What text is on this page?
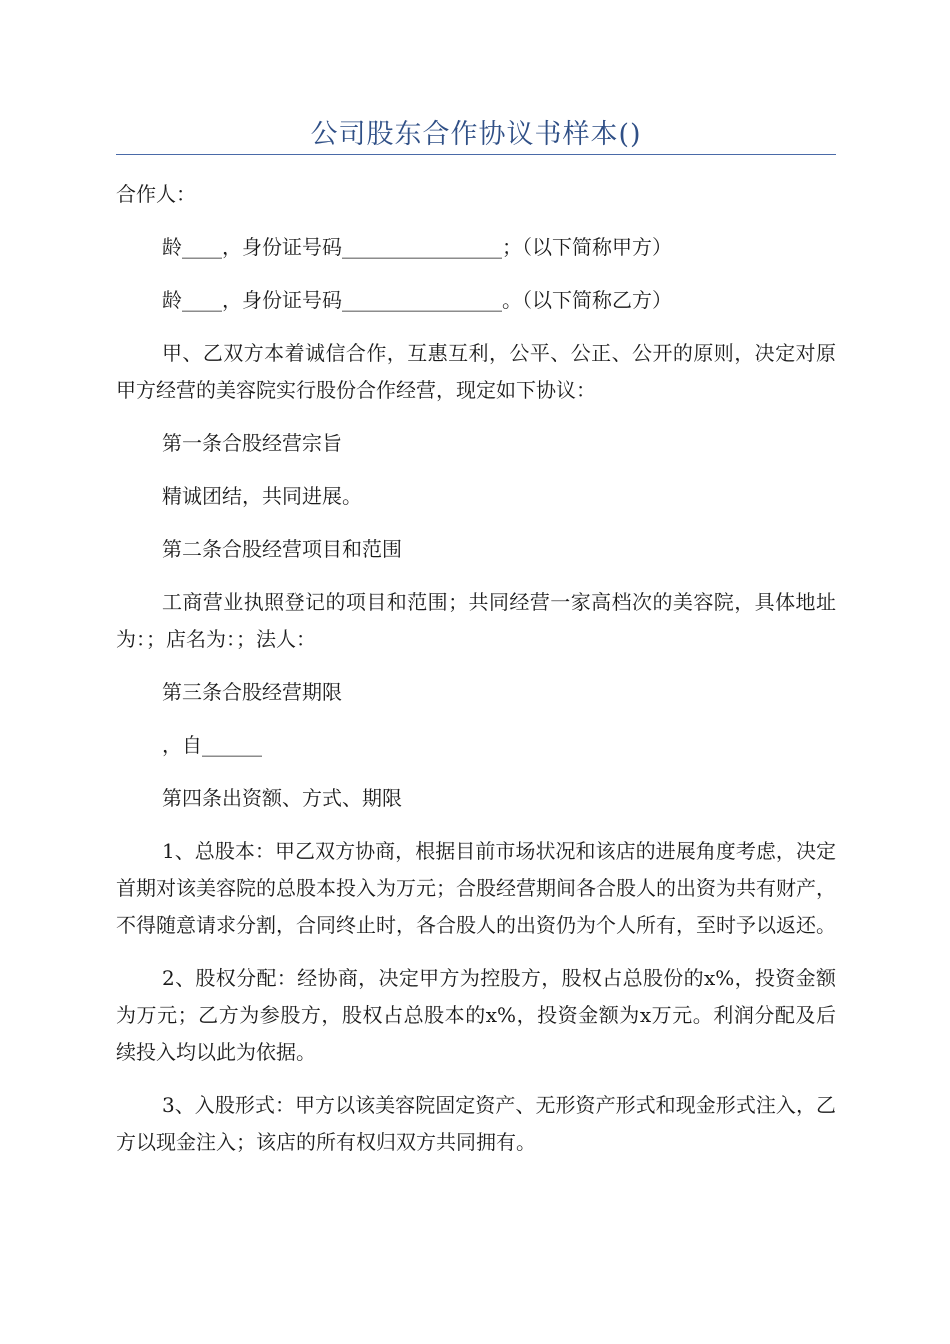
公司股东合作协议书样本()

合作人：

龄____，身份证号码________________；（以下简称甲方）

龄____，身份证号码________________。（以下简称乙方）

甲、乙双方本着诚信合作，互惠互利，公平、公正、公开的原则，决定对原甲方经营的美容院实行股份合作经营，现定如下协议：

第一条合股经营宗旨

精诚团结，共同进展。

第二条合股经营项目和范围

工商营业执照登记的项目和范围；共同经营一家高档次的美容院，具体地址为：；店名为：；法人：

第三条合股经营期限

，自______

第四条出资额、方式、期限

1、总股本：甲乙双方协商，根据目前市场状况和该店的进展角度考虑，决定首期对该美容院的总股本投入为万元；合股经营期间各合股人的出资为共有财产，不得随意请求分割，合同终止时，各合股人的出资仍为个人所有，至时予以返还。

2、股权分配：经协商，决定甲方为控股方，股权占总股份的x%，投资金额为万元；乙方为参股方，股权占总股本的x%，投资金额为x万元。利润分配及后续投入均以此为依据。

3、入股形式：甲方以该美容院固定资产、无形资产形式和现金形式注入，乙方以现金注入；该店的所有权归双方共同拥有。
